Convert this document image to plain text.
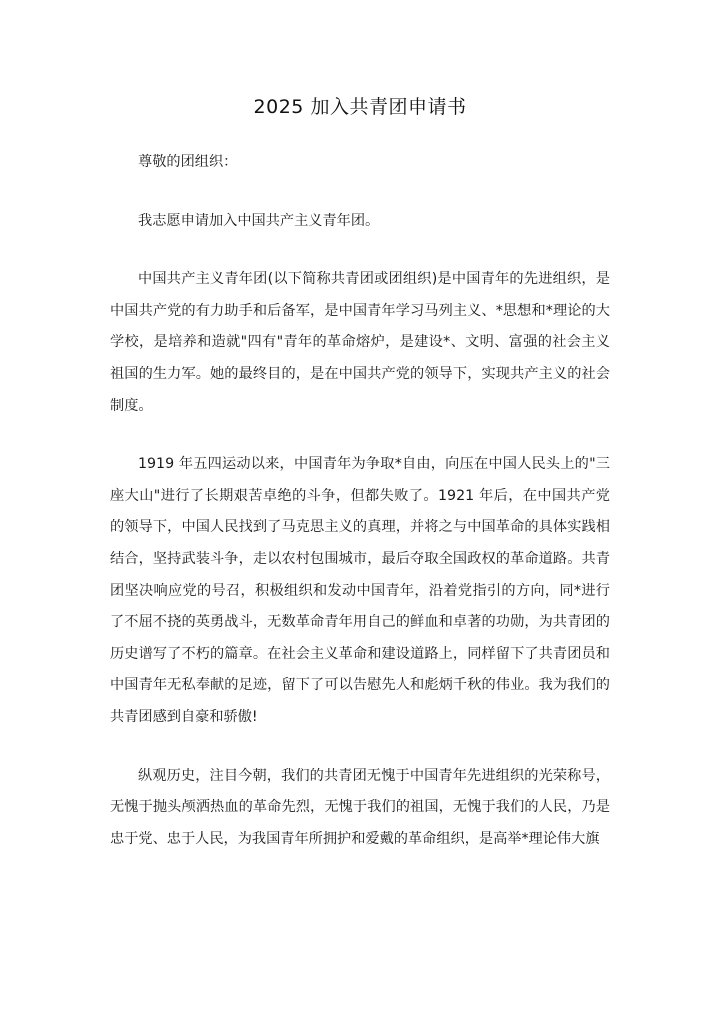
2025 加入共青团申请书

尊敬的团组织：

我志愿申请加入中国共产主义青年团。

中国共产主义青年团(以下简称共青团或团组织)是中国青年的先进组织，是中国共产党的有力助手和后备军，是中国青年学习马列主义、*思想和*理论的大学校，是培养和造就"四有"青年的革命熔炉，是建设*、文明、富强的社会主义祖国的生力军。她的最终目的，是在中国共产党的领导下，实现共产主义的社会制度。

1919 年五四运动以来，中国青年为争取*自由，向压在中国人民头上的"三座大山"进行了长期艰苦卓绝的斗争，但都失败了。1921 年后，在中国共产党的领导下，中国人民找到了马克思主义的真理，并将之与中国革命的具体实践相结合，坚持武装斗争，走以农村包围城市，最后夺取全国政权的革命道路。共青团坚决响应党的号召，积极组织和发动中国青年，沿着党指引的方向，同*进行了不屈不挠的英勇战斗，无数革命青年用自己的鲜血和卓著的功勋，为共青团的历史谱写了不朽的篇章。在社会主义革命和建设道路上，同样留下了共青团员和中国青年无私奉献的足迹，留下了可以告慰先人和彪炳千秋的伟业。我为我们的共青团感到自豪和骄傲!

纵观历史，注目今朝，我们的共青团无愧于中国青年先进组织的光荣称号，无愧于抛头颅洒热血的革命先烈，无愧于我们的祖国，无愧于我们的人民，乃是忠于党、忠于人民，为我国青年所拥护和爱戴的革命组织，是高举*理论伟大旗
